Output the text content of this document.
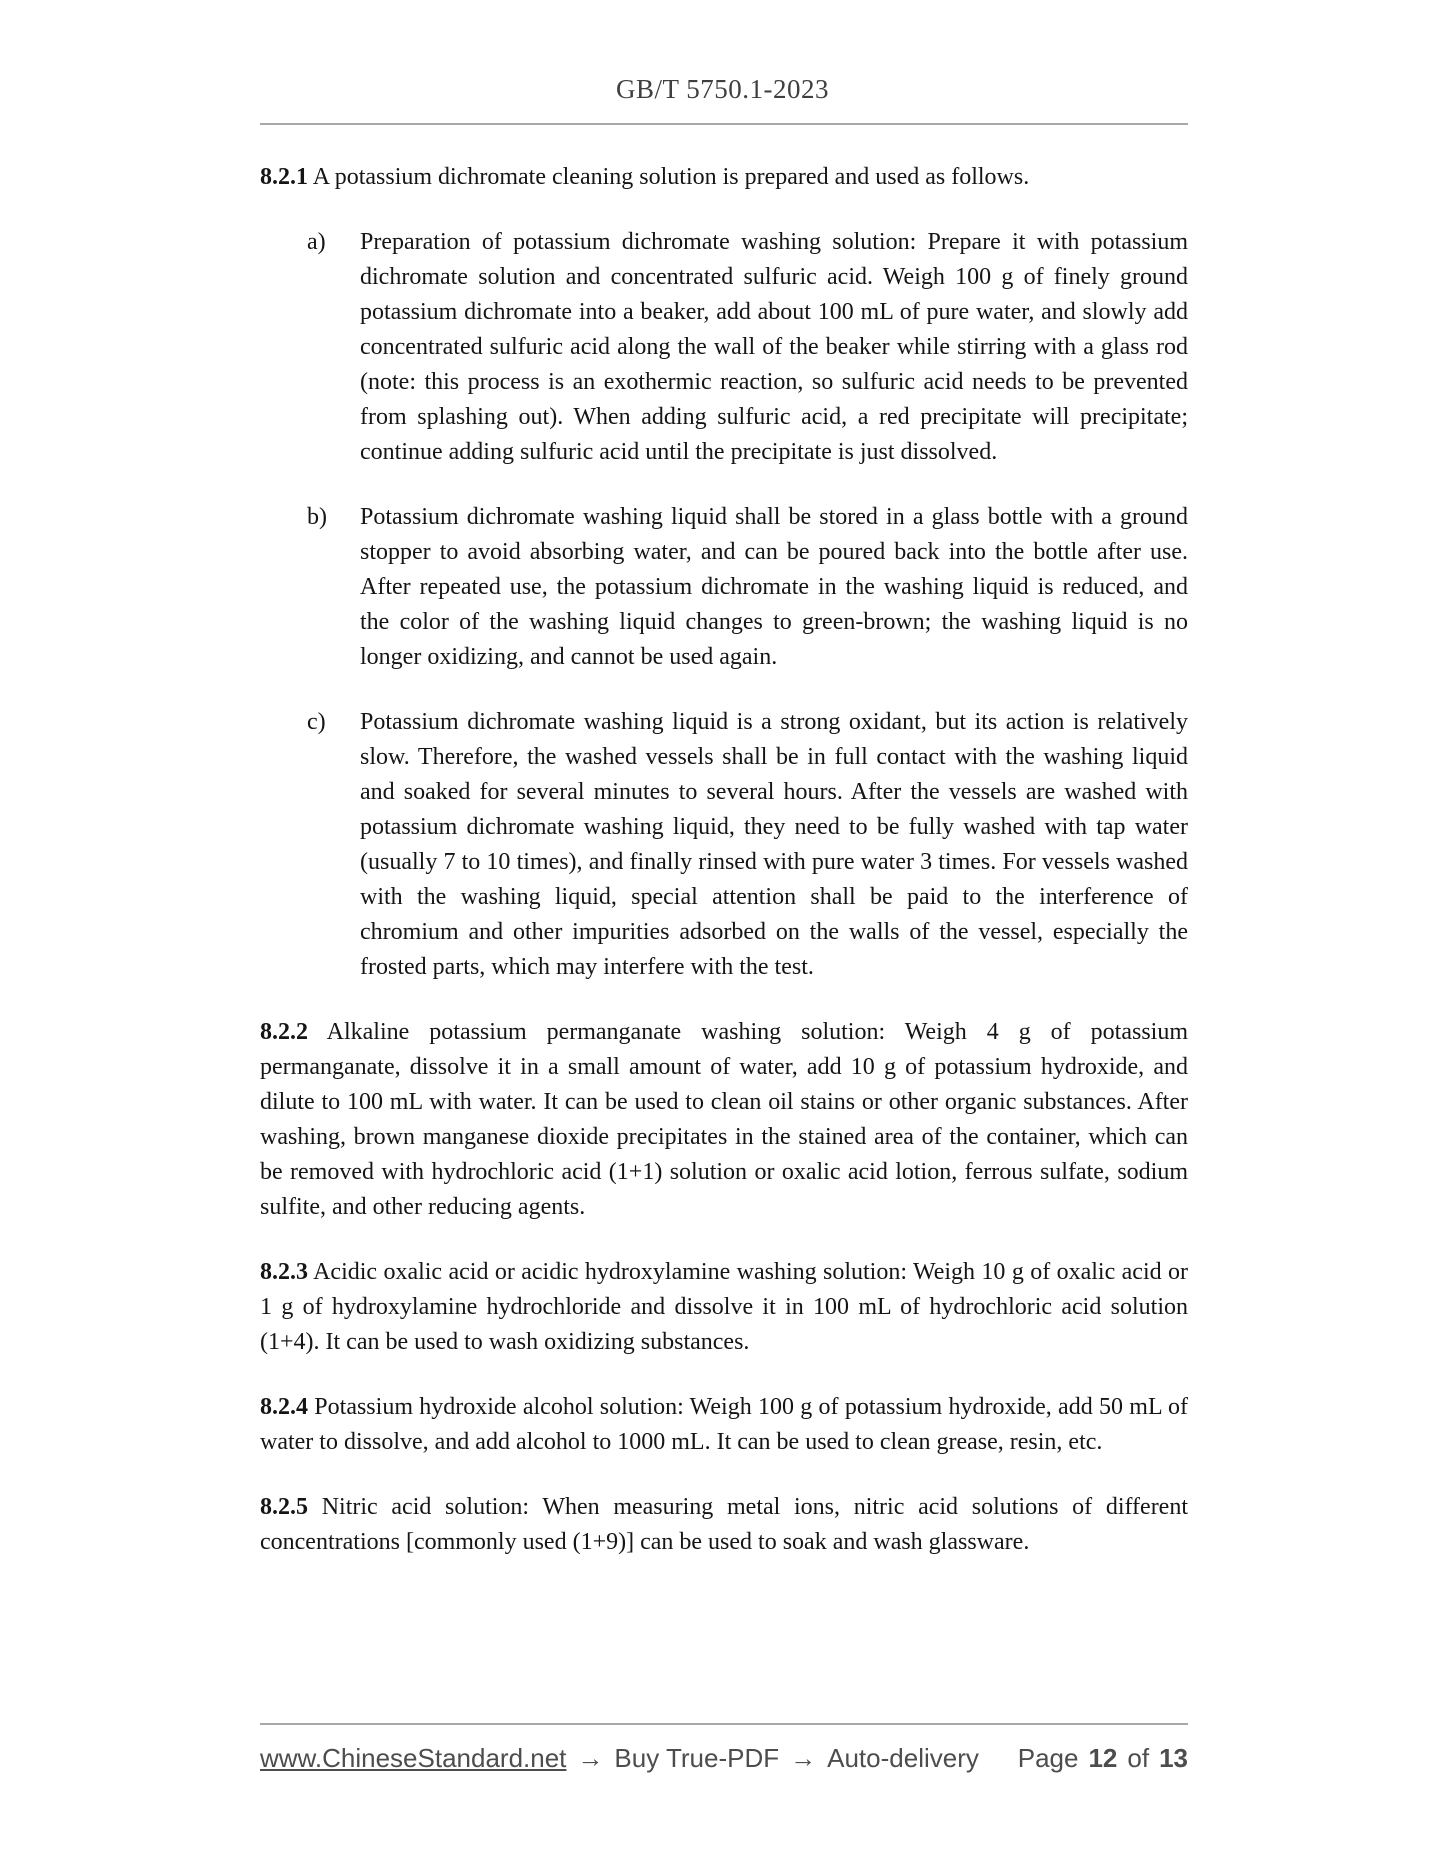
GB/T 5750.1-2023

8.2.1 A potassium dichromate cleaning solution is prepared and used as follows.

a)	Preparation of potassium dichromate washing solution: Prepare it with potassium dichromate solution and concentrated sulfuric acid. Weigh 100 g of finely ground potassium dichromate into a beaker, add about 100 mL of pure water, and slowly add concentrated sulfuric acid along the wall of the beaker while stirring with a glass rod (note: this process is an exothermic reaction, so sulfuric acid needs to be prevented from splashing out). When adding sulfuric acid, a red precipitate will precipitate; continue adding sulfuric acid until the precipitate is just dissolved.
b)	Potassium dichromate washing liquid shall be stored in a glass bottle with a ground stopper to avoid absorbing water, and can be poured back into the bottle after use. After repeated use, the potassium dichromate in the washing liquid is reduced, and the color of the washing liquid changes to green-brown; the washing liquid is no longer oxidizing, and cannot be used again.
c)	Potassium dichromate washing liquid is a strong oxidant, but its action is relatively slow. Therefore, the washed vessels shall be in full contact with the washing liquid and soaked for several minutes to several hours. After the vessels are washed with potassium dichromate washing liquid, they need to be fully washed with tap water (usually 7 to 10 times), and finally rinsed with pure water 3 times. For vessels washed with the washing liquid, special attention shall be paid to the interference of chromium and other impurities adsorbed on the walls of the vessel, especially the frosted parts, which may interfere with the test.

8.2.2 Alkaline potassium permanganate washing solution: Weigh 4 g of potassium permanganate, dissolve it in a small amount of water, add 10 g of potassium hydroxide, and dilute to 100 mL with water. It can be used to clean oil stains or other organic substances. After washing, brown manganese dioxide precipitates in the stained area of the container, which can be removed with hydrochloric acid (1+1) solution or oxalic acid lotion, ferrous sulfate, sodium sulfite, and other reducing agents.

8.2.3 Acidic oxalic acid or acidic hydroxylamine washing solution: Weigh 10 g of oxalic acid or 1 g of hydroxylamine hydrochloride and dissolve it in 100 mL of hydrochloric acid solution (1+4). It can be used to wash oxidizing substances.

8.2.4 Potassium hydroxide alcohol solution: Weigh 100 g of potassium hydroxide, add 50 mL of water to dissolve, and add alcohol to 1000 mL. It can be used to clean grease, resin, etc.

8.2.5 Nitric acid solution: When measuring metal ions, nitric acid solutions of different concentrations [commonly used (1+9)] can be used to soak and wash glassware.

www.ChineseStandard.net → Buy True-PDF → Auto-delivery Page 12 of 13
